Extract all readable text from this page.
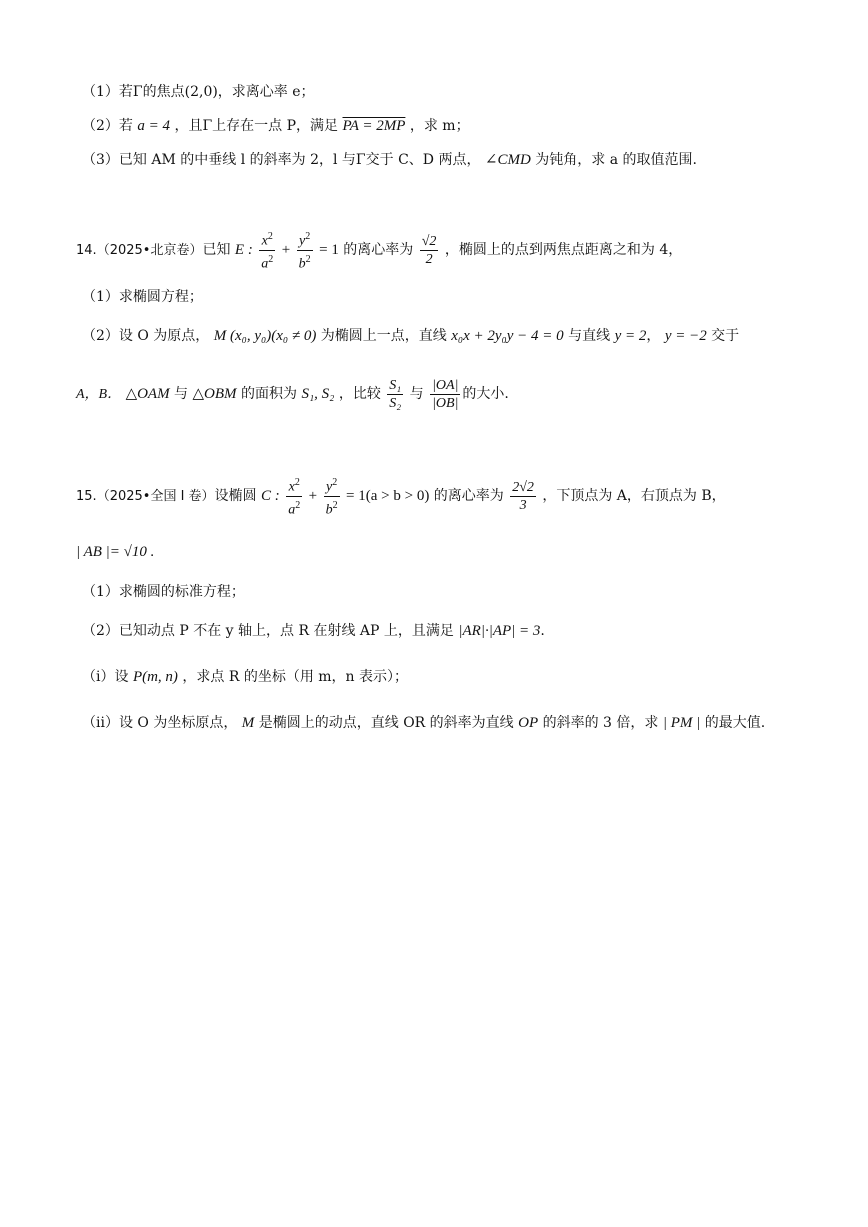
（1）若Γ的焦点(2,0)，求离心率 e；
（2）若 a = 4 ，且Γ上存在一点 P，满足 PA = 2MP ，求 m；
（3）已知 AM 的中垂线 l 的斜率为 2，l 与Γ交于 C、D 两点， ∠CMD 为钝角，求 a 的取值范围.
14.（2025•北京卷）已知 E : $\frac{x^2}{a^2} + \frac{y^2}{b^2} = 1$ 的离心率为 $\frac{√2}{2}$ ，椭圆上的点到两焦点距离之和为 4，
（1）求椭圆方程；
（2）设 O 为原点， M (x₀, y₀)(x₀ ≠ 0) 为椭圆上一点，直线 x₀x + 2y₀y − 4 = 0 与直线 y = 2， y = −2 交于
A，B． △OAM 与 △OBM 的面积为 S₁, S₂ ，比较 $\frac{\text{S₁}}{\text{S₂}}$ 与 $\frac{|OA|}{|OB|}$ 的大小.
15.（2025•全国 Ⅰ 卷）设椭圆 C : $\frac{x^2}{a^2} + \frac{y^2}{b^2} = 1(a > b > 0)$ 的离心率为 $\frac{2√2}{3}$ ，下顶点为 A，右顶点为 B，
| AB |= √10 .
（1）求椭圆的标准方程；
（2）已知动点 P 不在 y 轴上，点 R 在射线 AP 上，且满足 |AR|·|AP| = 3.
（i）设 P(m, n) ，求点 R 的坐标（用 m，n 表示）；
（ii）设 O 为坐标原点， M 是椭圆上的动点，直线 OR 的斜率为直线 OP 的斜率的 3 倍，求 | PM | 的最大值.
